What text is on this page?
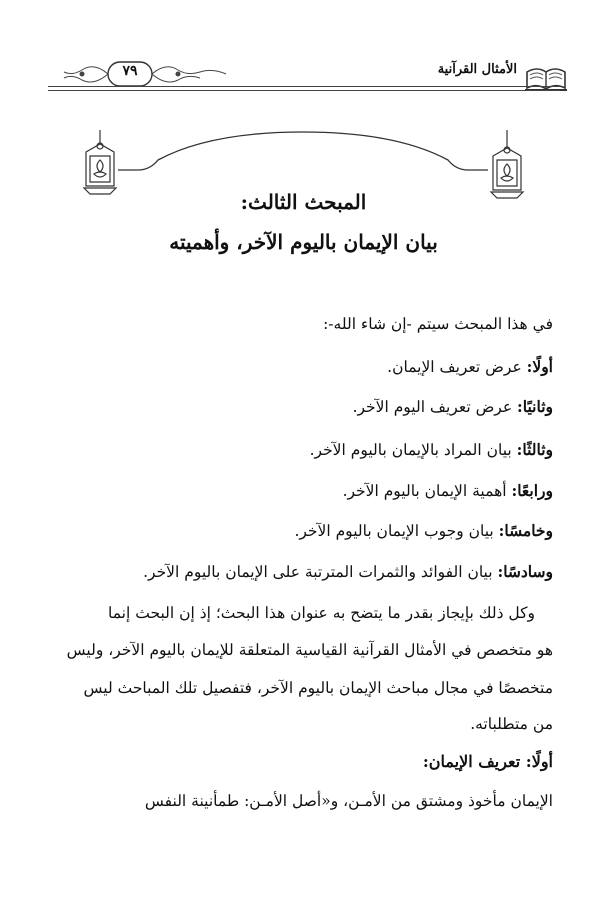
الأمثال القرآنية
٧٩
المبحث الثالث:
بيان الإيمان باليوم الآخر، وأهميته
في هذا المبحث سيتم -إن شاء الله-:
أولًا: عرض تعريف الإيمان.
وثانيًا: عرض تعريف اليوم الآخر.
وثالثًا: بيان المراد بالإيمان باليوم الآخر.
ورابعًا: أهمية الإيمان باليوم الآخر.
وخامسًا: بيان وجوب الإيمان باليوم الآخر.
وسادسًا: بيان الفوائد والثمرات المترتبة على الإيمان باليوم الآخر.
وكل ذلك بإيجاز بقدر ما يتضح به عنوان هذا البحث؛ إذ إن البحث إنما
هو متخصص في الأمثال القرآنية القياسية المتعلقة للإيمان باليوم الآخر، وليس
متخصصًا في مجال مباحث الإيمان باليوم الآخر، فتفصيل تلك المباحث ليس
من متطلباته.
أولًا: تعريف الإيمان:
الإيمان مأخوذ ومشتق من الأمـن، و«أصل الأمـن: طمأنينة النفس
